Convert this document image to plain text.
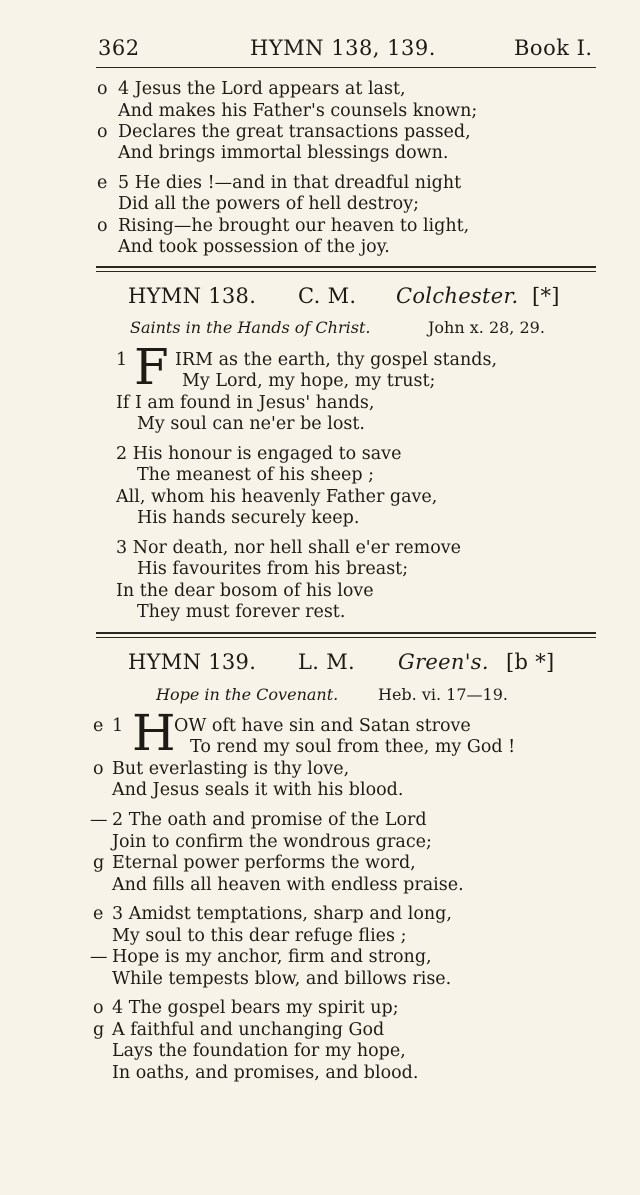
362	HYMN 138, 139.	Book I.
o 4 Jesus the Lord appears at last,
And makes his Father's counsels known;
o Declares the great transactions passed,
And brings immortal blessings down.
e 5 He dies !—and in that dreadful night
Did all the powers of hell destroy;
o Rising—he brought our heaven to light,
And took possession of the joy.
HYMN 138. C. M. Colchester. [*]
Saints in the Hands of Christ.	John x. 28, 29.
1 F IRM as the earth, thy gospel stands,
My Lord, my hope, my trust;
If I am found in Jesus' hands,
My soul can ne'er be lost.
2 His honour is engaged to save
The meanest of his sheep ;
All, whom his heavenly Father gave,
His hands securely keep.
3 Nor death, nor hell shall e'er remove
His favourites from his breast;
In the dear bosom of his love
They must forever rest.
HYMN 139. L. M. Green's. [b *]
Hope in the Covenant. Heb. vi. 17—19.
e 1 H
OW oft have sin and Satan strove
To rend my soul from thee, my God !
o But everlasting is thy love,
And Jesus seals it with his blood.
— 2 The oath and promise of the Lord
Join to confirm the wondrous grace;
g Eternal power performs the word,
And fills all heaven with endless praise.
e 3 Amidst temptations, sharp and long,
My soul to this dear refuge flies ;
— Hope is my anchor, firm and strong,
While tempests blow, and billows rise.
o 4 The gospel bears my spirit up;
g A faithful and unchanging God
Lays the foundation for my hope,
In oaths, and promises, and blood.
